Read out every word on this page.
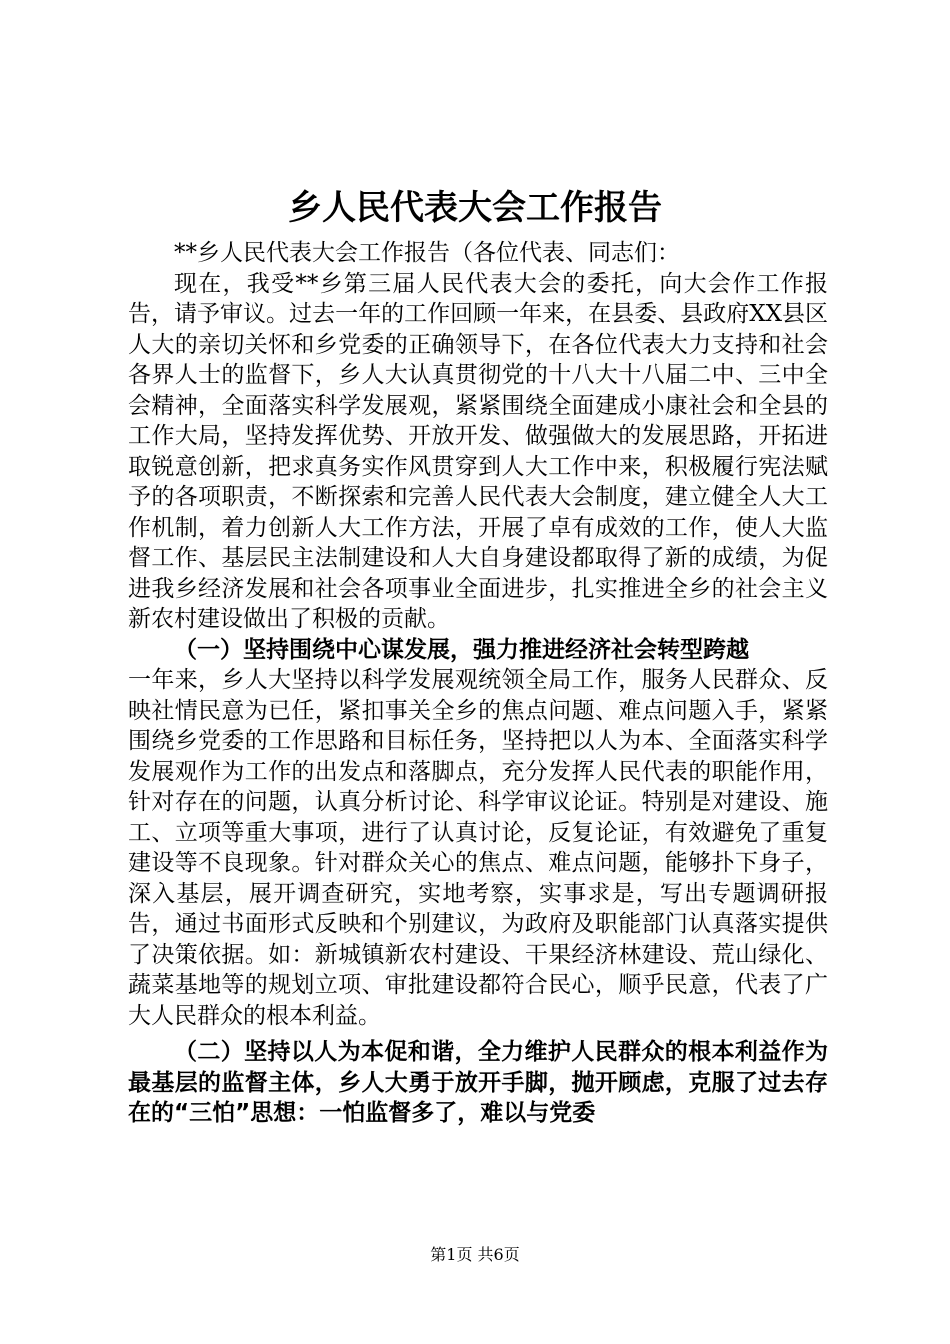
乡人民代表大会工作报告

**乡人民代表大会工作报告（各位代表、同志们：

现在，我受**乡第三届人民代表大会的委托，向大会作工作报告，请予审议。过去一年的工作回顾一年来，在县委、县政府XX县区人大的亲切关怀和乡党委的正确领导下，在各位代表大力支持和社会各界人士的监督下，乡人大认真贯彻党的十八大十八届二中、三中全会精神，全面落实科学发展观，紧紧围绕全面建成小康社会和全县的工作大局，坚持发挥优势、开放开发、做强做大的发展思路，开拓进取锐意创新，把求真务实作风贯穿到人大工作中来，积极履行宪法赋予的各项职责，不断探索和完善人民代表大会制度，建立健全人大工作机制，着力创新人大工作方法，开展了卓有成效的工作，使人大监督工作、基层民主法制建设和人大自身建设都取得了新的成绩，为促进我乡经济发展和社会各项事业全面进步，扎实推进全乡的社会主义新农村建设做出了积极的贡献。

（一）坚持围绕中心谋发展，强力推进经济社会转型跨越

一年来，乡人大坚持以科学发展观统领全局工作，服务人民群众、反映社情民意为已任，紧扣事关全乡的焦点问题、难点问题入手，紧紧围绕乡党委的工作思路和目标任务，坚持把以人为本、全面落实科学发展观作为工作的出发点和落脚点，充分发挥人民代表的职能作用，针对存在的问题，认真分析讨论、科学审议论证。特别是对建设、施工、立项等重大事项，进行了认真讨论，反复论证，有效避免了重复建设等不良现象。针对群众关心的焦点、难点问题，能够扑下身子，深入基层，展开调查研究，实地考察，实事求是，写出专题调研报告，通过书面形式反映和个别建议，为政府及职能部门认真落实提供了决策依据。如：新城镇新农村建设、干果经济林建设、荒山绿化、蔬菜基地等的规划立项、审批建设都符合民心，顺乎民意，代表了广大人民群众的根本利益。

（二）坚持以人为本促和谐，全力维护人民群众的根本利益作为最基层的监督主体，乡人大勇于放开手脚，抛开顾虑，克服了过去存在的“三怕”思想：一怕监督多了，难以与党委

第1页 共6页
